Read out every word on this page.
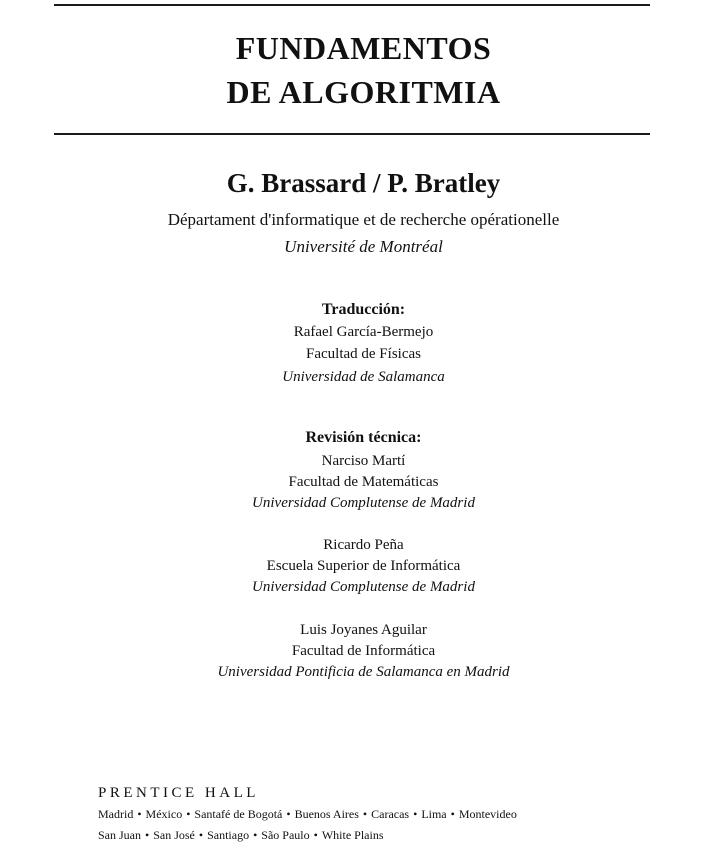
FUNDAMENTOS
DE ALGORITMIA
G. Brassard / P. Bratley
Départament d'informatique et de recherche opérationelle
Université de Montréal
Traducción:
Rafael García-Bermejo
Facultad de Físicas
Universidad de Salamanca
Revisión técnica:
Narciso Martí
Facultad de Matemáticas
Universidad Complutense de Madrid
Ricardo Peña
Escuela Superior de Informática
Universidad Complutense de Madrid
Luis Joyanes Aguilar
Facultad de Informática
Universidad Pontificia de Salamanca en Madrid
PRENTICE HALL
Madrid • México • Santafé de Bogotá • Buenos Aires • Caracas • Lima • Montevideo
San Juan • San José • Santiago • São Paulo • White Plains
